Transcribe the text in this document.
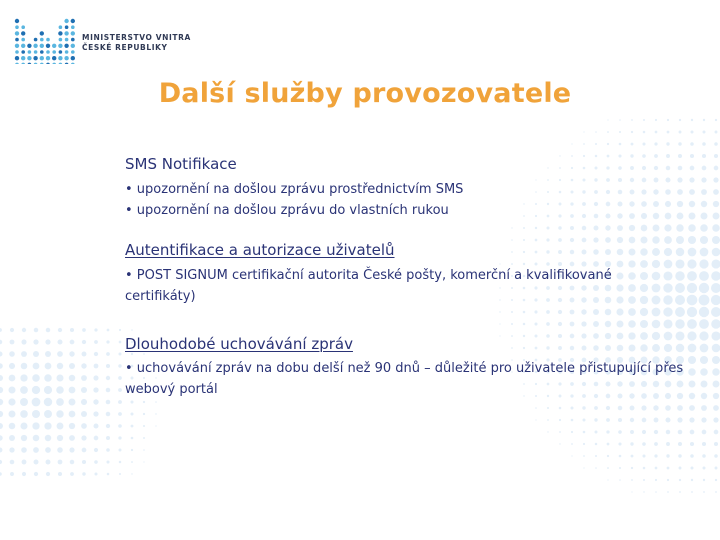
MINISTERSTVO VNITRA
ČESKÉ REPUBLIKY
Další služby provozovatele

SMS Notifikace

• upozornění na došlou zprávu prostřednictvím SMS

• upozornění na došlou zprávu do vlastních rukou

Autentifikace a autorizace uživatelů

• POST SIGNUM certifikační autorita České pošty, komerční a kvalifikované certifikáty)

Dlouhodobé uchovávání zpráv

• uchovávání zpráv na dobu delší než 90 dnů – důležité pro uživatele přistupující přes webový portál
